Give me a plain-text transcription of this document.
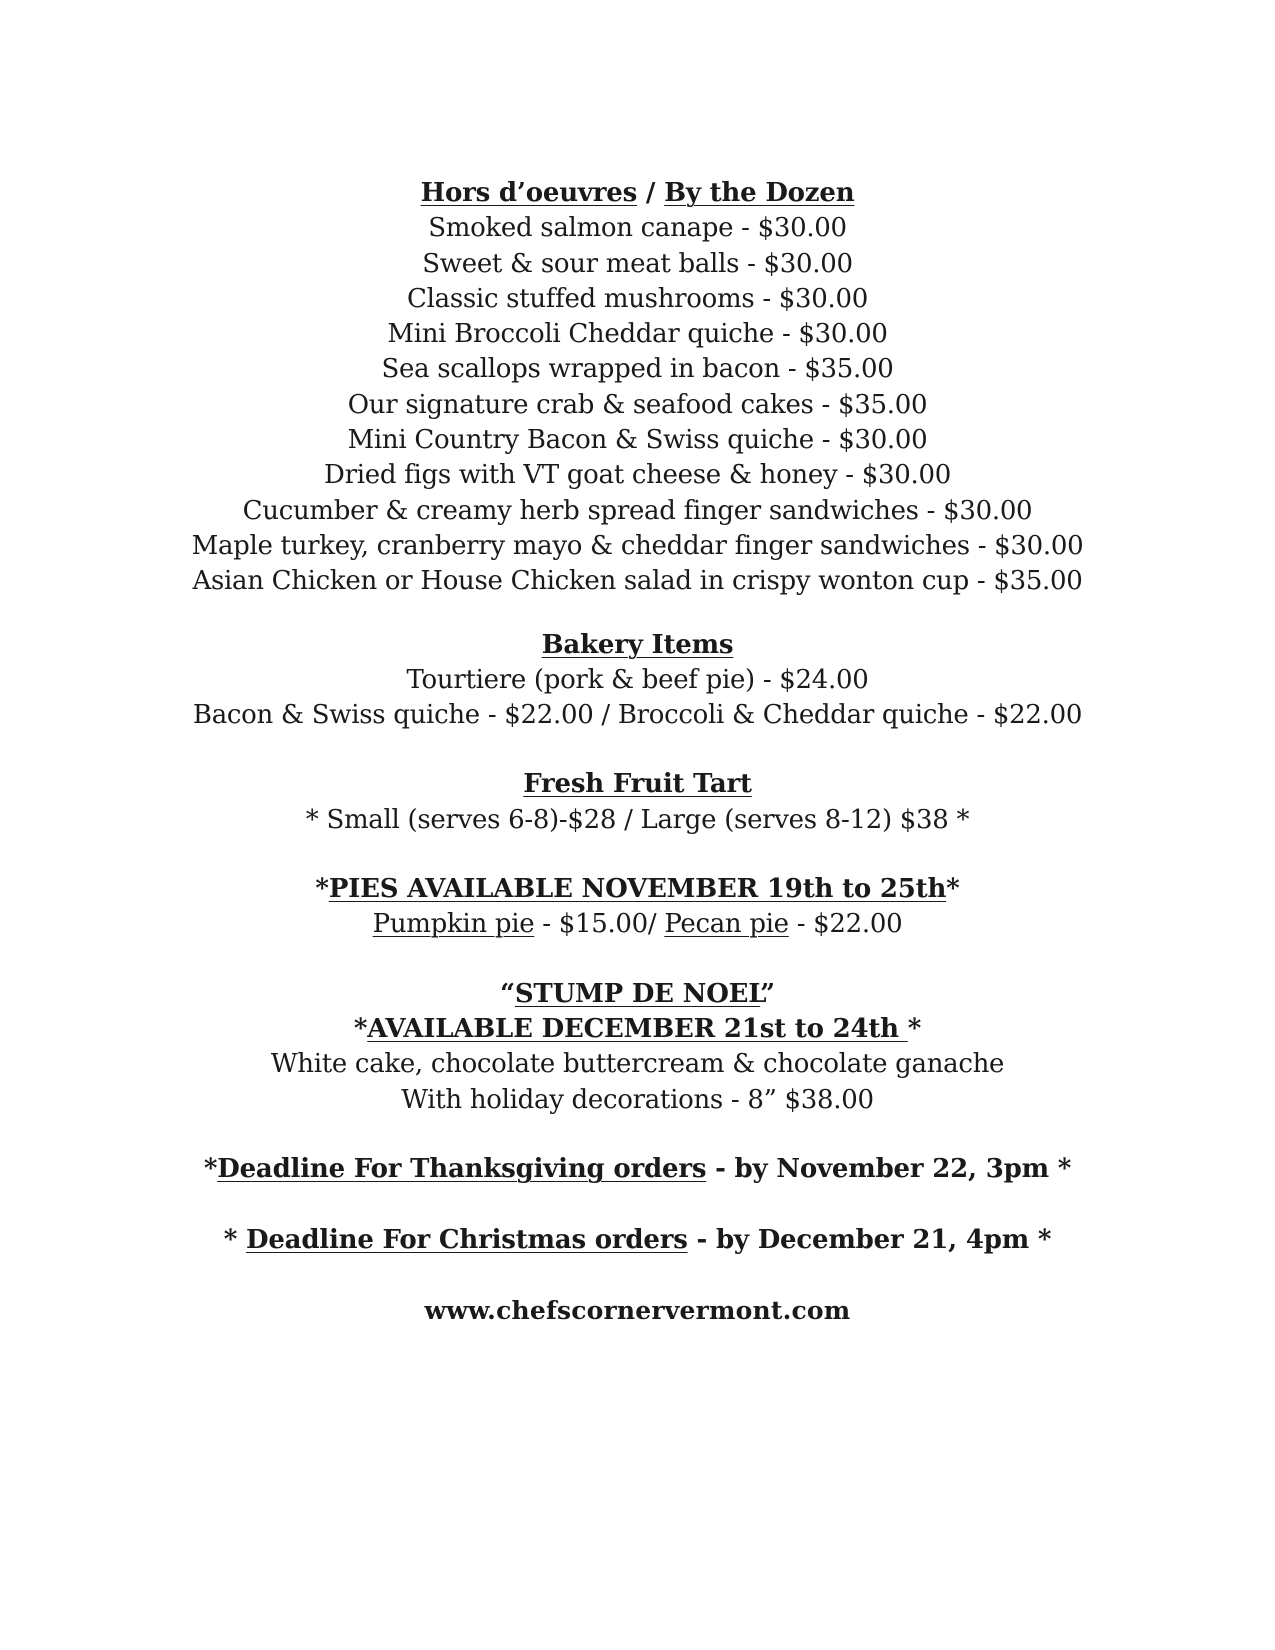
Hors d’oeuvres / By the Dozen
Smoked salmon canape - $30.00
Sweet & sour meat balls - $30.00
Classic stuffed mushrooms - $30.00
Mini Broccoli Cheddar quiche - $30.00
Sea scallops wrapped in bacon - $35.00
Our signature crab & seafood cakes - $35.00
Mini Country Bacon & Swiss quiche - $30.00
Dried figs with VT goat cheese & honey - $30.00
Cucumber & creamy herb spread finger sandwiches - $30.00
Maple turkey, cranberry mayo & cheddar finger sandwiches - $30.00
Asian Chicken or House Chicken salad in crispy wonton cup - $35.00
Bakery Items
Tourtiere (pork & beef pie) - $24.00
Bacon & Swiss quiche - $22.00 / Broccoli & Cheddar quiche - $22.00
Fresh Fruit Tart
* Small (serves 6-8)-$28 / Large (serves 8-12) $38 *
*PIES AVAILABLE NOVEMBER 19th to 25th*
Pumpkin pie - $15.00/ Pecan pie - $22.00
“STUMP DE NOEL”
*AVAILABLE DECEMBER 21st to 24th *
White cake, chocolate buttercream & chocolate ganache
With holiday decorations - 8” $38.00
*Deadline For Thanksgiving orders - by November 22, 3pm *
* Deadline For Christmas orders - by December 21, 4pm *
www.chefscornervermont.com
